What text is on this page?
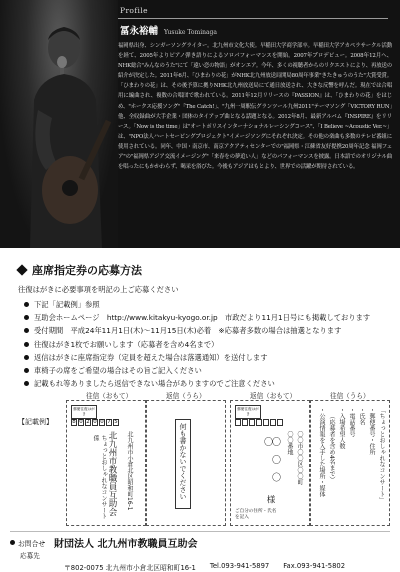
Profile
冨永裕輔 Yusuke Tominaga
福岡県出身、シンガーソングライター。北九州市文化大使。早稲田大学商学部卒。早稲田大学アカペラサークル活動を経て、2005年よりピアノ弾き語りによるソロパフォーマンスを開始。2007年プロデビュー。2008年12月へ、NHK総合"みんなのうた"にて「遠い恋の物語」がオンエア。今年、多くの視聴者からのリクエストにより、再放送の紹介が決定した。2011年6月、「ひまわりの花」がNHK北九州放送局開局80周年事業"きたきゅうのうた"大賞受賞。「ひまわりの花」は、その後予算に拠りNHK北九州放送局にて通日放送され、大きな反響を呼んだ。現在では合唱用に編曲され、複数の合唱団で歌われている。2011年12月リリースの『PASSION』は、「ひまわりの花」をはじめ、"ホークス応援ソング"「The Catch!」、"九州一周駅伝グランツール九州2011"テーマソング「VICTORY RUN」他、全収録曲が大手企業・団体のタイアップ曲となる話題となる。2012年8月、最新アルバム『INSPIRE』をリリース。「Now is the time」は"オートポリスインターナショナルレーシングコース"、「I Believe ~Acoustic Ver.~」は、"NPO法人ハートセービングプロジェクト"イメージソングにそれぞれ決定。その他の楽曲も多数のテレビ番組に使用されている。同年、中国・南京市、南京アクアティセンターでの"福岡県・江蘇省友好提携20周年記念 福岡フェア"の"福岡県アジア交流イメージング"「来春をの夢追い人」などのパフォーマンスを披露。日本語でのオリジナル曲を唱ったにもかかわらず、喝采を浴びた。今後もアジアはもとより、世界での活躍が期待されている。
座席指定券の応募方法
往復はがきに必要事項を明記の上ご応募ください
下記「記載例」参照
互助会ホームページ　http://www.kitakyu-kyogo.or.jp　市政だより11月1日号にも掲載しております
受付期間　平成24年11月1日(木)～11月15日(木)必着　※応募者多数の場合は抽選となります
往復はがき1枚でお願いします（応募者を含め4名まで）
返信はがきに座席指定券（定員を超えた場合は落選通知）を送付します
車椅子の席をご希望の場合はその旨ご記入ください
記載もれ等ありましたら返信できない場合がありますのでご注意ください
【記載例】
往信（おもて）	返信（うら）	返信（おもて）	往信（うら）
郵便往復はがき
8 0 2 0 0 7 5
北九州市小倉北区昭和町16-1
北九州市教職員互助会
ちょっとおしゃれなコンサート係	何も書かないでください
郵便往復はがき
〇〇市〇〇区〇〇町
〇〇番地
〇 〇 〇 〇
様
ご自分の住所・氏名を記入
「ちょっとおしゃれなコンサート」
・郵便番号・住所
・氏名
・電話番号
・入場希望人数
（応募者を含め4名まで）
・公演情報を入手した場所・媒体
お問合せ 財団法人 北九州市教職員互助会
応募先
〒802-0075 北九州市小倉北区昭和町16-1 Tel.093-941-5897 Fax.093-941-5802
